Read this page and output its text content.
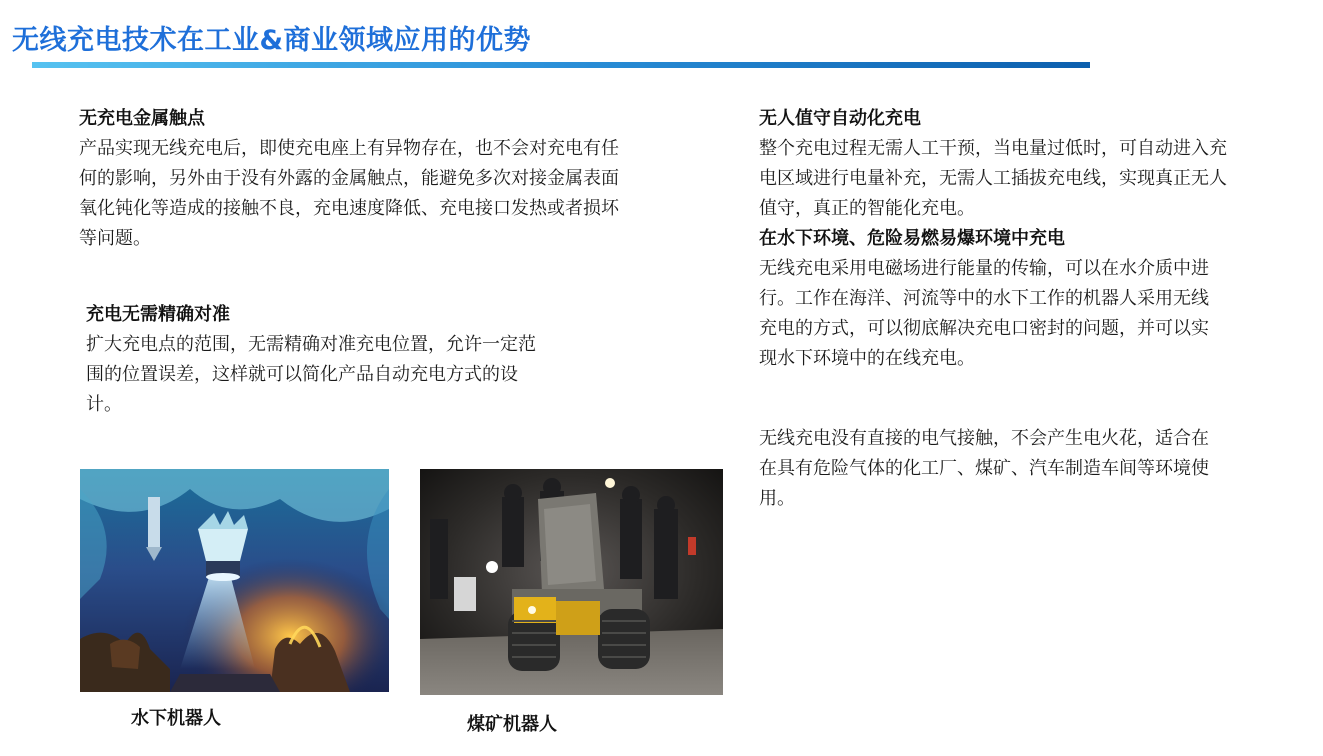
无线充电技术在工业&商业领域应用的优势
无充电金属触点
产品实现无线充电后，即使充电座上有异物存在，也不会对充电有任何的影响，另外由于没有外露的金属触点，能避免多次对接金属表面氧化钝化等造成的接触不良，充电速度降低、充电接口发热或者损坏等问题。
充电无需精确对准
扩大充电点的范围，无需精确对准充电位置，允许一定范围的位置误差，这样就可以简化产品自动充电方式的设计。
无人值守自动化充电
整个充电过程无需人工干预，当电量过低时，可自动进入充电区域进行电量补充，无需人工插拔充电线，实现真正无人值守，真正的智能化充电。
在水下环境、危险易燃易爆环境中充电
无线充电采用电磁场进行能量的传输，可以在水介质中进行。工作在海洋、河流等中的水下工作的机器人采用无线充电的方式，可以彻底解决充电口密封的问题，并可以实现水下环境中的在线充电。
无线充电没有直接的电气接触，不会产生电火花，适合在在具有危险气体的化工厂、煤矿、汽车制造车间等环境使用。
水下机器人	煤矿机器人
